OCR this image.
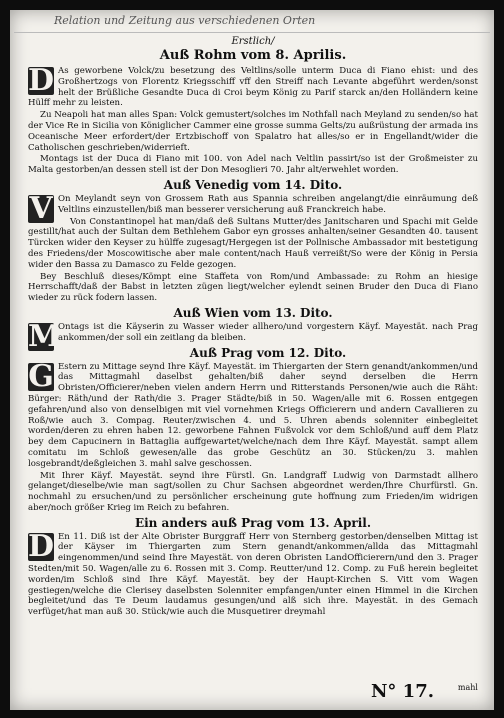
Relation und Zeitung aus verschiedenen Orten

Erstlich/

Auß Rohm vom 8. Aprilis.

D As geworbene Volck/zu besetzung des Veltlins/solle unterm Duca di Fiano ehist: und des Großhertzogs von Florentz Kriegsschiff vff den Streiff nach Levante abgeführt werden/sonst helt der Brüßliche Gesandte Duca di Croi beym König zu Parif starck an/den Holländern keine Hülff mehr zu leisten.

Zu Neapoli hat man alles Span: Volck gemustert/solches im Nothfall nach Meyland zu senden/so hat der Vice Re in Sicilia von Königlicher Cammer eine grosse summa Gelts/zu außrüstung der armada ins Oceanische Meer erfordert/der Ertzbischoff von Spalatro hat alles/so er in Engellandt/wider die Catholischen geschrieben/widerrieft.

Montags ist der Duca di Fiano mit 100. von Adel nach Veltlin passirt/so ist der Großmeister zu Malta gestorben/an dessen stell ist der Don Mesoglieri 70. Jahr alt/erwehlet worden.

Auß Venedig vom 14. Dito.

V On Meylandt seyn von Grossem Rath aus Spannia schreiben angelangt/die einräumung deß Veltlins einzustellen/biß man besserer versicherung auß Franckreich habe.

Von Constantinopel hat man/daß deß Sultans Mutter/des Janitscharen und Spachi mit Gelde gestillt/hat auch der Sultan dem Bethlehem Gabor eyn grosses anhalten/seiner Gesandten 40. tausent Türcken wider den Keyser zu hülffe zugesagt/Hergegen ist der Pollnische Ambassador mit bestetigung des Friedens/der Moscowitische aber male content/nach Hauß verreißt/So were der König in Persia wider den Bassa zu Damasco zu Felde gezogen.

Bey Beschluß dieses/Kömpt eine Staffeta von Rom/und Ambassade: zu Rohm an hiesige Herrschafft/daß der Babst in letzten zügen liegt/welcher eylendt seinen Bruder den Duca di Fiano wieder zu rück fodern lassen.

Auß Wien vom 13. Dito.

M
Ontags ist die Käyserin zu Wasser wieder allhero/und vorgestern Käyf. Mayestät. nach Prag ankommen/der soll ein zeitlang da bleiben.

Auß Prag vom 12. Dito.

G Estern zu Mittage seynd Ihre Käyf. Mayestät. im Thiergarten der Stern genandt/ankommen/und das Mittagmahl daselbst gehalten/biß daher seynd derselben die Herrn Obristen/Officierer/neben vielen andern Herrn und Ritterstands Personen/wie auch die Räht: Bürger: Räth/und der Rath/die 3. Prager Städte/biß in 50. Wagen/alle mit 6. Rossen entgegen gefahren/und also von denselbigen mit viel vornehmen Kriegs Officierern und andern Cavallieren zu Roß/wie auch 3. Compag. Reuter/zwischen 4. und 5. Uhren abends solenniter einbegleitet worden/deren zu ehren haben 12. geworbene Fahnen Fußvolck vor dem Schloß/und auff dem Platz bey dem Capucinern in Battaglia auffgewartet/welche/nach dem Ihre Käyf. Mayestät. sampt allem comitatu im Schloß gewesen/alle das grobe Geschütz an 30. Stücken/zu 3. mahlen losgebrandt/deßgleichen 3. mahl salve geschossen.

Mit Ihrer Käyf. Mayestät. seynd ihre Fürstl. Gn. Landgraff Ludwig von Darmstadt allhero gelanget/dieselbe/wie man sagt/sollen zu Chur Sachsen abgeordnet werden/Ihre Churfürstl. Gn. nochmahl zu ersuchen/und zu persönlicher erscheinung gute hoffnung zum Frieden/im widrigen aber/noch größer Krieg im Reich zu befahren.

Ein anders auß Prag vom 13. April.

D En 11. Diß ist der Alte Obrister Burggraff Herr von Sternberg gestorben/denselben Mittag ist der Käyser im Thiergarten zum Stern genandt/ankommen/allda das Mittagmahl eingenommen/und seind Ihre Mayestät. von deren Obristen LandOfficierern/und den 3. Prager Stedten/mit 50. Wagen/alle zu 6. Rossen mit 3. Comp. Reutter/und 12. Comp. zu Fuß herein begleitet worden/im Schloß sind Ihre Käyf. Mayestät. bey der Haupt-Kirchen S. Vitt vom Wagen gestiegen/welche die Clerisey daselbsten Solenniter empfangen/unter einen Himmel in die Kirchen begleitet/und das Te Deum laudamus gesungen/und alß sich ihre. Mayestät. in des Gemach verfüget/hat man auß 30. Stück/wie auch die Musquetirer dreymahl

mahl
N° 17.
